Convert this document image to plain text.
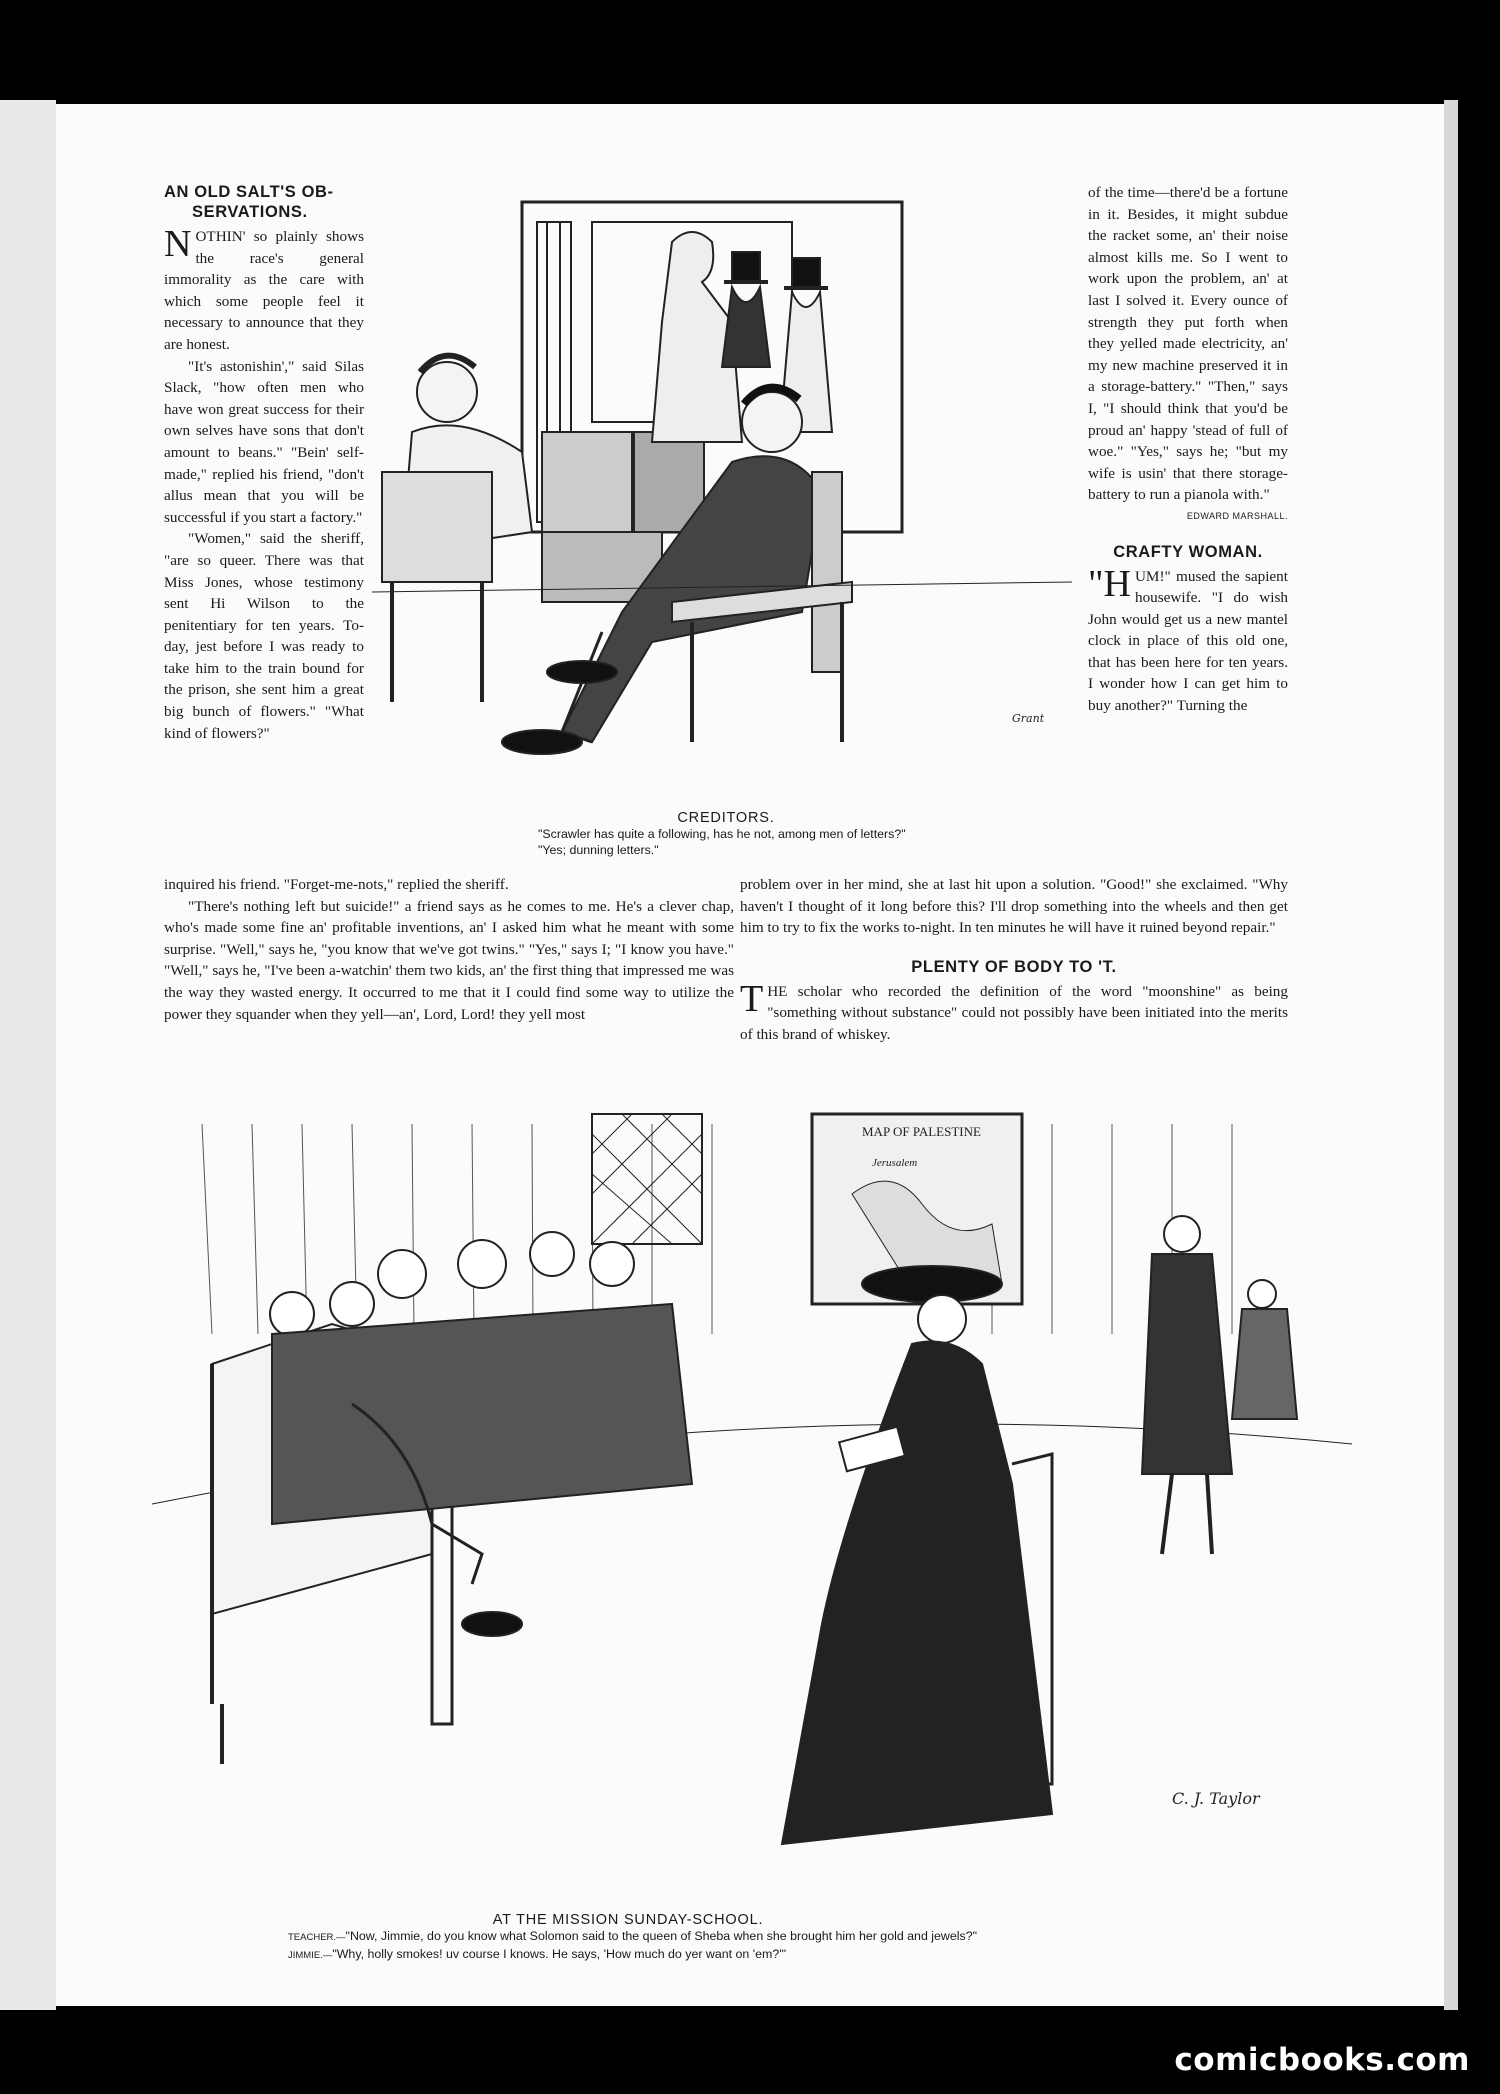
AN OLD SALT'S OB-
SERVATIONS.

NOTHIN' so plainly shows the race's general immorality as the care with which some people feel it necessary to announce that they are honest.

"It's astonishin'," said Silas Slack, "how often men who have won great success for their own selves have sons that don't amount to beans." "Bein' self-made," replied his friend, "don't allus mean that you will be successful if you start a factory."

"Women," said the sheriff, "are so queer. There was that Miss Jones, whose testimony sent Hi Wilson to the penitentiary for ten years. To-day, jest before I was ready to take him to the train bound for the prison, she sent him a great big bunch of flowers." "What kind of flowers?"

inquired his friend. "Forget-me-nots," replied the sheriff.

"There's nothing left but suicide!" a friend says as he comes to me. He's a clever chap, who's made some fine an' profitable inventions, an' I asked him what he meant with some surprise. "Well," says he, "you know that we've got twins." "Yes," says I; "I know you have." "Well," says he, "I've been a-watchin' them two kids, an' the first thing that impressed me was the way they wasted energy. It occurred to me that it I could find some way to utilize the power they squander when they yell—an', Lord, Lord! they yell most

of the time—there'd be a fortune in it. Besides, it might subdue the racket some, an' their noise almost kills me. So I went to work upon the problem, an' at last I solved it. Every ounce of strength they put forth when they yelled made electricity, an' my new machine preserved it in a storage-battery." "Then," says I, "I should think that you'd be proud an' happy 'stead of full of woe." "Yes," says he; "but my wife is usin' that there storage-battery to run a pianola with."

EDWARD MARSHALL.
CRAFTY WOMAN.

"HUM!" mused the sapient housewife. "I do wish John would get us a new mantel clock in place of this old one, that has been here for ten years. I wonder how I can get him to buy another?" Turning the

problem over in her mind, she at last hit upon a solution. "Good!" she exclaimed. "Why haven't I thought of it long before this? I'll drop something into the wheels and then get him to try to fix the works to-night. In ten minutes he will have it ruined beyond repair."

PLENTY OF BODY TO 'T.

THE scholar who recorded the definition of the word "moonshine" as being "something without substance" could not possibly have been initiated into the merits of this brand of whiskey.

Grant

CREDITORS.

"Scrawler has quite a following, has he not, among men of letters?"

"Yes; dunning letters."

MAP OF PALESTINE
Jerusalem
C. J. Taylor

AT THE MISSION SUNDAY-SCHOOL.

TEACHER.—"Now, Jimmie, do you know what Solomon said to the queen of Sheba when she brought him her gold and jewels?"

JIMMIE.—"Why, holly smokes! uv course I knows. He says, 'How much do yer want on 'em?'"

comicbooks.com
